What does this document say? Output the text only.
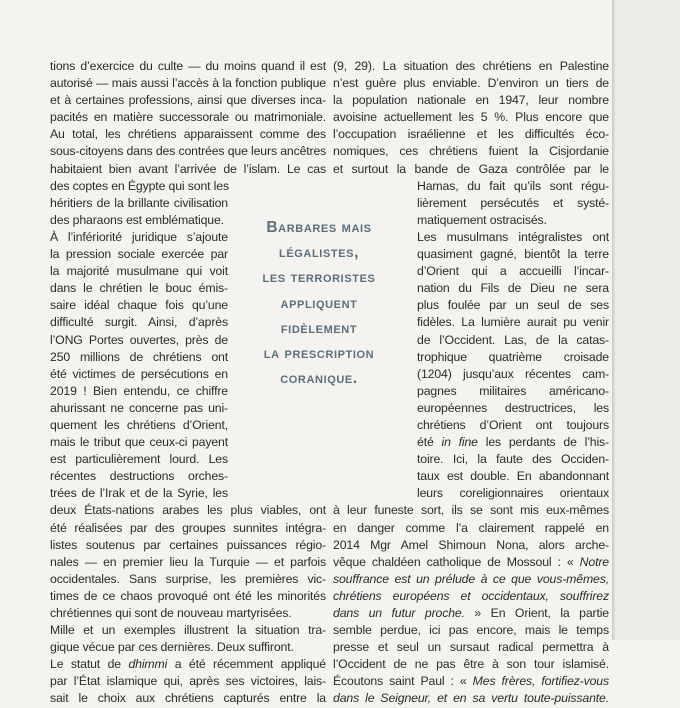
tions d’exercice du culte — du moins quand il est
autorisé — mais aussi l’accès à la fonction publique
et à certaines professions, ainsi que diverses inca-
pacités en matière successorale ou matrimoniale.
Au total, les chrétiens apparaissent comme des
sous-citoyens dans des contrées que leurs ancêtres
habitaient bien avant l’arrivée de l’islam. Le cas
des coptes en Égypte qui sont les
héritiers de la brillante civilisation
des pharaons est emblématique.
À l’infériorité juridique s’ajoute
la pression sociale exercée par
la majorité musulmane qui voit
dans le chrétien le bouc émis-
saire idéal chaque fois qu’une
difficulté surgit. Ainsi, d’après
l’ONG Portes ouvertes, près de
250 millions de chrétiens ont
été victimes de persécutions en
2019 ! Bien entendu, ce chiffre
ahurissant ne concerne pas uni-
quement les chrétiens d’Orient,
mais le tribut que ceux-ci payent
est particulièrement lourd. Les
récentes destructions orches-
trées de l’Irak et de la Syrie, les
deux États-nations arabes les plus viables, ont
été réalisées par des groupes sunnites intégra-
listes soutenus par certaines puissances régio-
nales — en premier lieu la Turquie — et parfois
occidentales. Sans surprise, les premières vic-
times de ce chaos provoqué ont été les minorités
chrétiennes qui sont de nouveau martyrisées.
Mille et un exemples illustrent la situation tra-
gique vécue par ces dernières. Deux suffiront.
Le statut de dhimmi a été récemment appliqué
par l’État islamique qui, après ses victoires, lais-
sait le choix aux chrétiens capturés entre la
(9, 29). La situation des chrétiens en Palestine
n’est guère plus enviable. D’environ un tiers de
la population nationale en 1947, leur nombre
avoisine actuellement les 5 %. Plus encore que
l’occupation israélienne et les difficultés éco-
nomiques, ces chrétiens fuient la Cisjordanie
et surtout la bande de Gaza contrôlée par le
Hamas, du fait qu’ils sont régu-
lièrement persécutés et systé-
matiquement ostracisés.
Les musulmans intégralistes ont
quasiment gagné, bientôt la terre
d’Orient qui a accueilli l’incar-
nation du Fils de Dieu ne sera
plus foulée par un seul de ses
fidèles. La lumière aurait pu venir
de l’Occident. Las, de la catas-
trophique quatrième croisade
(1204) jusqu’aux récentes cam-
pagnes militaires américano-
européennes destructrices, les
chrétiens d’Orient ont toujours
été in fine les perdants de l’his-
toire. Ici, la faute des Occiden-
taux est double. En abandonnant
leurs coreligionnaires orientaux
à leur funeste sort, ils se sont mis eux-mêmes
en danger comme l’a clairement rappelé en
2014 Mgr Amel Shimoun Nona, alors arche-
vêque chaldéen catholique de Mossoul : « Notre
souffrance est un prélude à ce que vous-mêmes,
chrétiens européens et occidentaux, souffrirez
dans un futur proche. » En Orient, la partie
semble perdue, ici pas encore, mais le temps
presse et seul un sursaut radical permettra à
l’Occident de ne pas être à son tour islamisé.
Écoutons saint Paul : « Mes frères, fortifiez-vous
dans le Seigneur, et en sa vertu toute-puissante.
Barbares mais
légalistes,
les terroristes
appliquent
fidèlement
la prescription
coranique.
